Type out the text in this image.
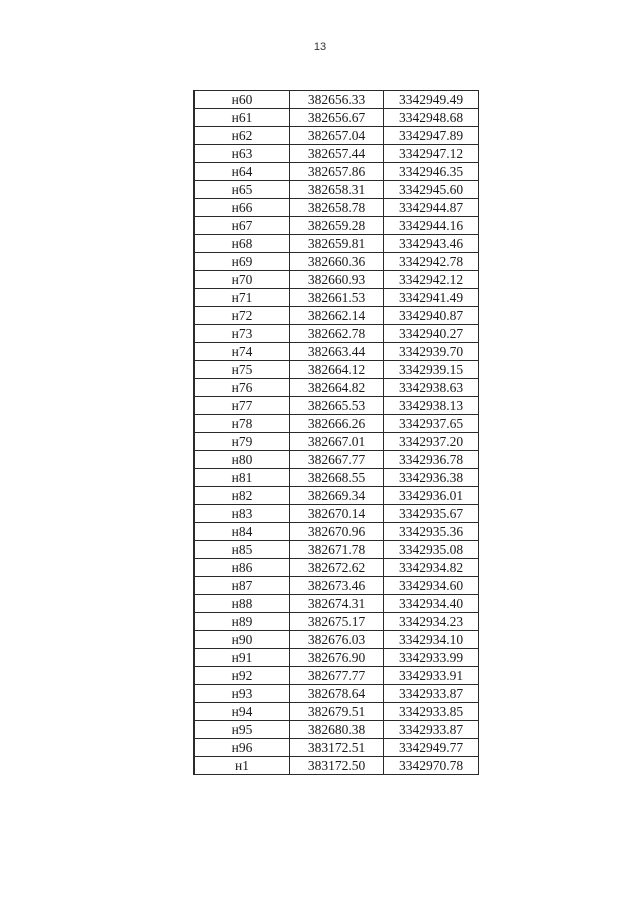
13
н60	382656.33	3342949.49
н61	382656.67	3342948.68
н62	382657.04	3342947.89
н63	382657.44	3342947.12
н64	382657.86	3342946.35
н65	382658.31	3342945.60
н66	382658.78	3342944.87
н67	382659.28	3342944.16
н68	382659.81	3342943.46
н69	382660.36	3342942.78
н70	382660.93	3342942.12
н71	382661.53	3342941.49
н72	382662.14	3342940.87
н73	382662.78	3342940.27
н74	382663.44	3342939.70
н75	382664.12	3342939.15
н76	382664.82	3342938.63
н77	382665.53	3342938.13
н78	382666.26	3342937.65
н79	382667.01	3342937.20
н80	382667.77	3342936.78
н81	382668.55	3342936.38
н82	382669.34	3342936.01
н83	382670.14	3342935.67
н84	382670.96	3342935.36
н85	382671.78	3342935.08
н86	382672.62	3342934.82
н87	382673.46	3342934.60
н88	382674.31	3342934.40
н89	382675.17	3342934.23
н90	382676.03	3342934.10
н91	382676.90	3342933.99
н92	382677.77	3342933.91
н93	382678.64	3342933.87
н94	382679.51	3342933.85
н95	382680.38	3342933.87
н96	383172.51	3342949.77
н1	383172.50	3342970.78
